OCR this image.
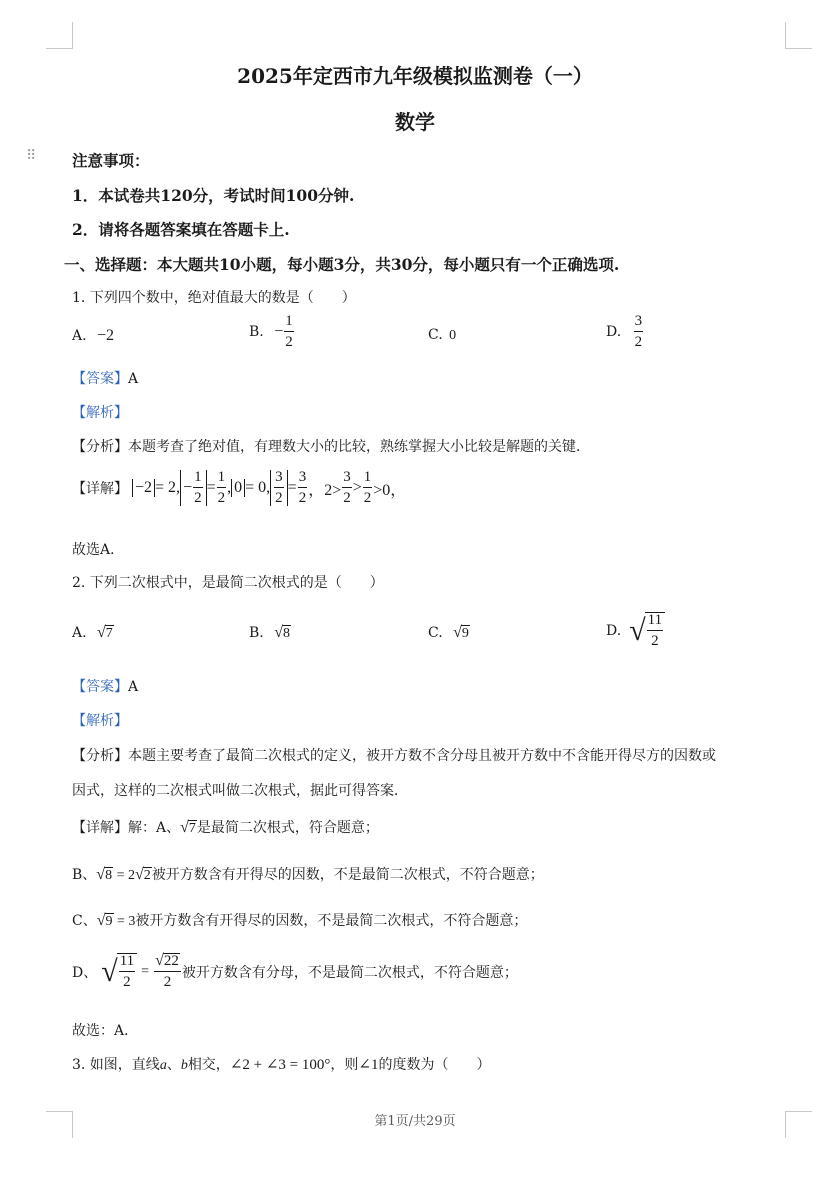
⠿
2025年定西市九年级模拟监测卷（一）
数学
注意事项：
1．本试卷共120分，考试时间100分钟.
2．请将各题答案填在答题卡上.
一、选择题：本大题共10小题，每小题3分，共30分，每小题只有一个正确选项.
1. 下列四个数中，绝对值最大的数是（　　）
A. −2	B. − $\frac{1}{2}$	C. 0	D. $\frac{3}{2}$
【答案】A
【解析】
【分析】本题考查了绝对值，有理数大小的比较，熟练掌握大小比较是解题的关键．
【详解】 −2 = 2, − $\frac{1}{2} = \frac{1}{2}$ , 0 = 0, $\frac{3}{2} = \frac{3}{2}$ ，$2> \frac{3}{2} > \frac{1}{2} >0$，
故选A．
2. 下列二次根式中，是最简二次根式的是（　　）
A. √7	B. √8	C. √9	D. √ $\frac{11}{2}$
【答案】A
【解析】
【分析】本题主要考查了最简二次根式的定义，被开方数不含分母且被开方数中不含能开得尽方的因数或
因式，这样的二次根式叫做二次根式，据此可得答案．
【详解】解：A、√7是最简二次根式，符合题意；
B、√8 = 2√2被开方数含有开得尽的因数，不是最简二次根式，不符合题意；
C、√9 = 3被开方数含有开得尽的因数，不是最简二次根式，不符合题意；
D、 √ $\frac{11}{2} = \frac{√22}{2}$ 被开方数含有分母，不是最简二次根式，不符合题意；
故选：A．
3. 如图，直线a、b相交，∠2 + ∠3 = 100°，则∠1的度数为（　　）
第1页/共29页
